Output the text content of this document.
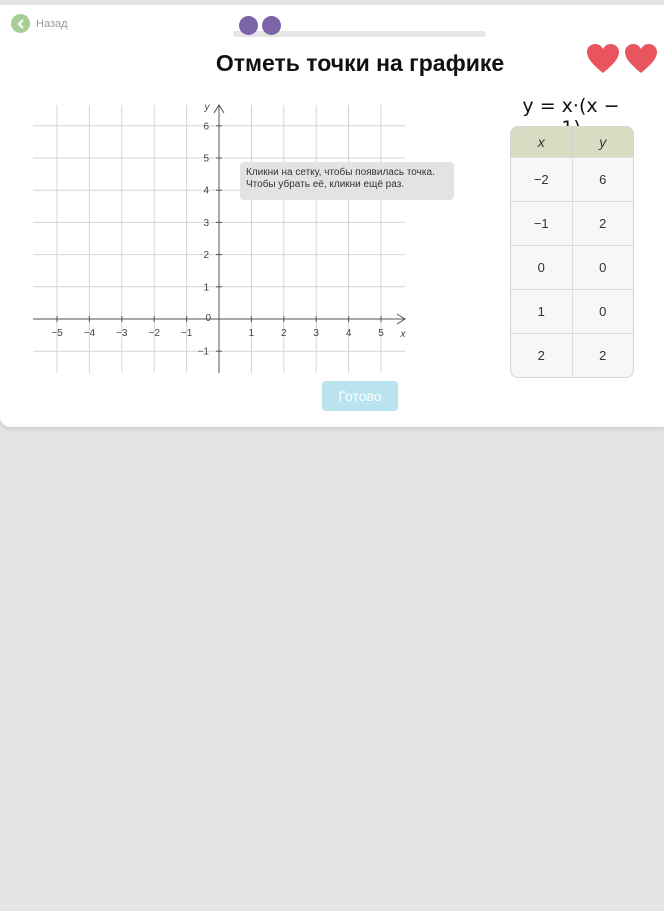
Назад
Отметь точки на графике
−5 −4 −3 −2 −1	1	2	3	4	5
−1
1
2
3
4
5
6
0
x
y
Кликни на сетку, чтобы появилась точка.
Чтобы убрать её, кликни ещё раз.
Готово
y = x·(x −
x	y
−2	6
−1	2
0	0
1	0
2	2
